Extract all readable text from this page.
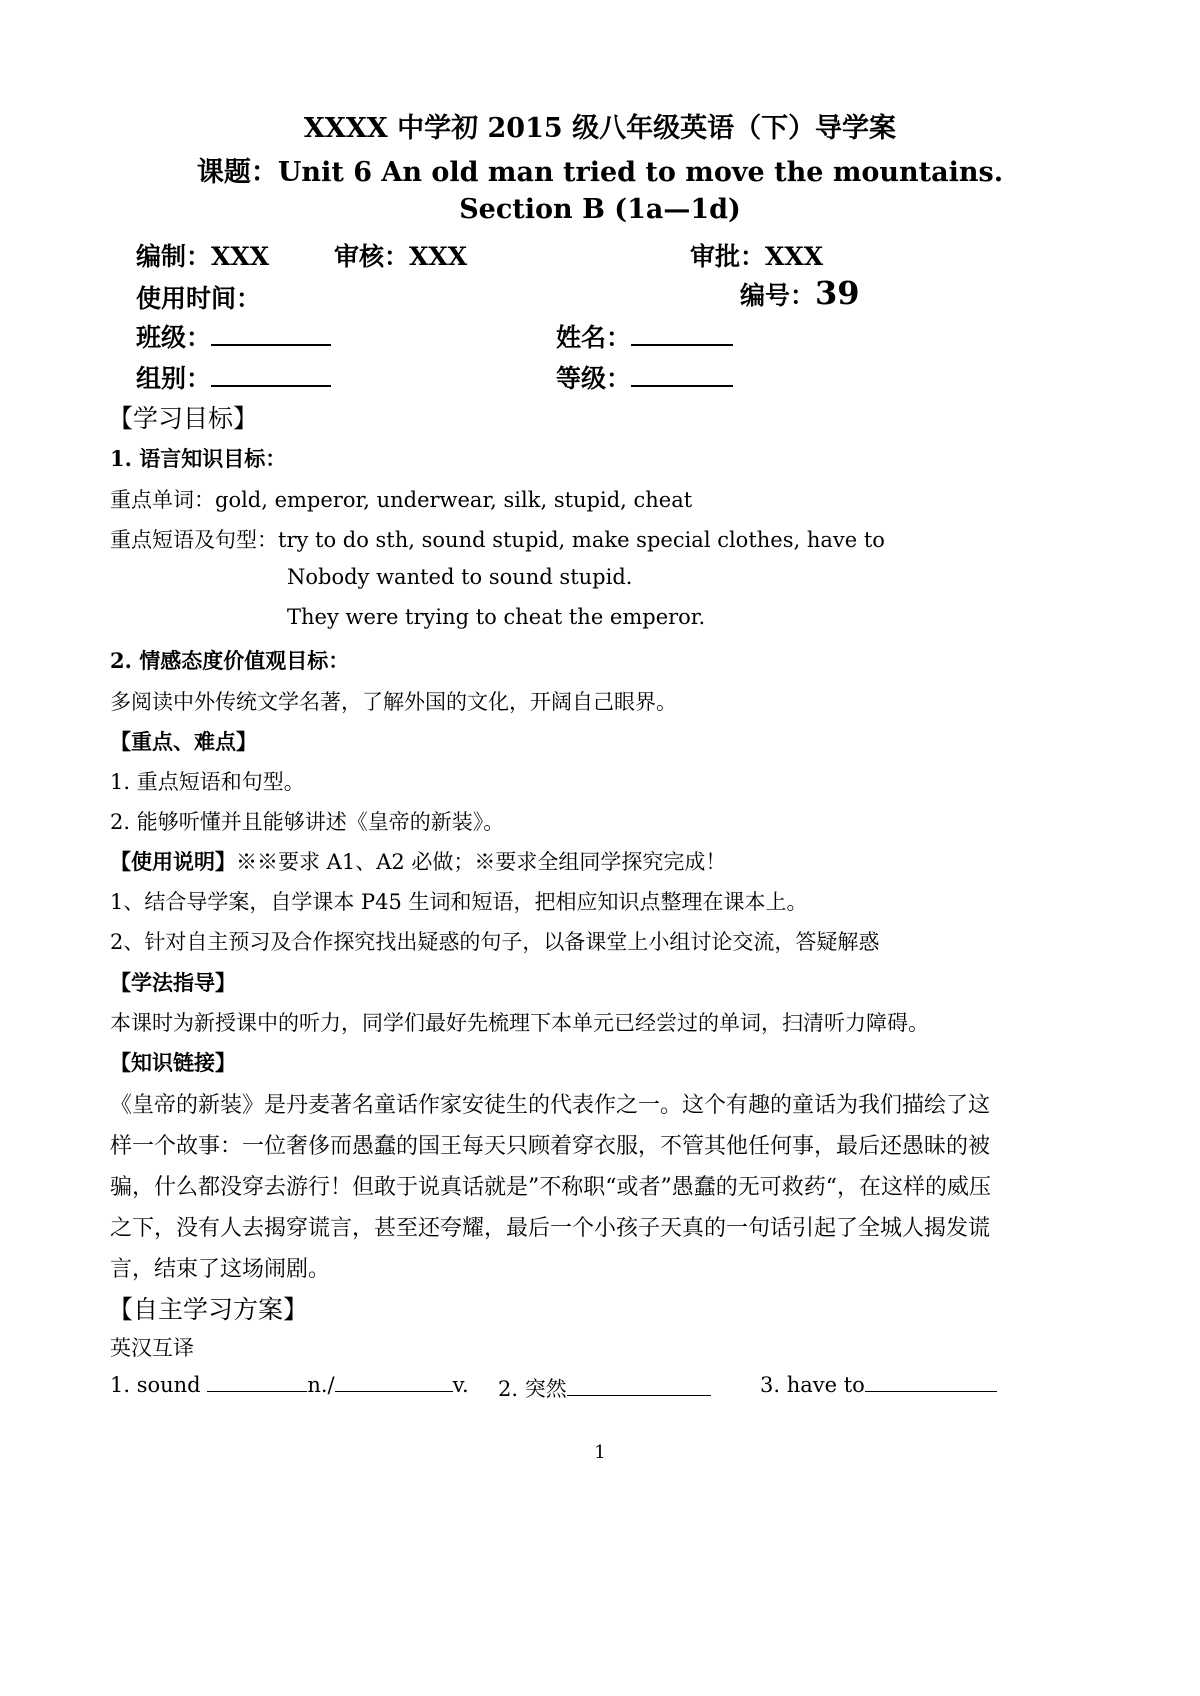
XXXX 中学初 2015 级八年级英语（下）导学案
课题：Unit 6 An old man tried to move the mountains.
Section B (1a—1d)
编制：XXX	审核：XXX	审批：XXX
使用时间：	编号：39
班级：	姓名：
组别：	等级：
【学习目标】
1. 语言知识目标：
重点单词：gold, emperor, underwear, silk, stupid, cheat
重点短语及句型：try to do sth, sound stupid, make special clothes, have to
Nobody wanted to sound stupid.
They were trying to cheat the emperor.
2. 情感态度价值观目标：
多阅读中外传统文学名著，了解外国的文化，开阔自己眼界。
【重点、难点】
1. 重点短语和句型。
2. 能够听懂并且能够讲述《皇帝的新装》。
【使用说明】※※要求 A1、A2 必做；※要求全组同学探究完成！
1、结合导学案，自学课本 P45 生词和短语，把相应知识点整理在课本上。
2、针对自主预习及合作探究找出疑惑的句子，以备课堂上小组讨论交流，答疑解惑
【学法指导】
本课时为新授课中的听力，同学们最好先梳理下本单元已经尝过的单词，扫清听力障碍。
【知识链接】
《皇帝的新装》是丹麦著名童话作家安徒生的代表作之一。这个有趣的童话为我们描绘了这
样一个故事：一位奢侈而愚蠢的国王每天只顾着穿衣服，不管其他任何事，最后还愚昧的被
骗，什么都没穿去游行！但敢于说真话就是”不称职“或者”愚蠢的无可救药“，在这样的威压
之下，没有人去揭穿谎言，甚至还夸耀，最后一个小孩子天真的一句话引起了全城人揭发谎
言，结束了这场闹剧。
【自主学习方案】
英汉互译
1. sound	n./	v. 2. 突然	3. have to
1
